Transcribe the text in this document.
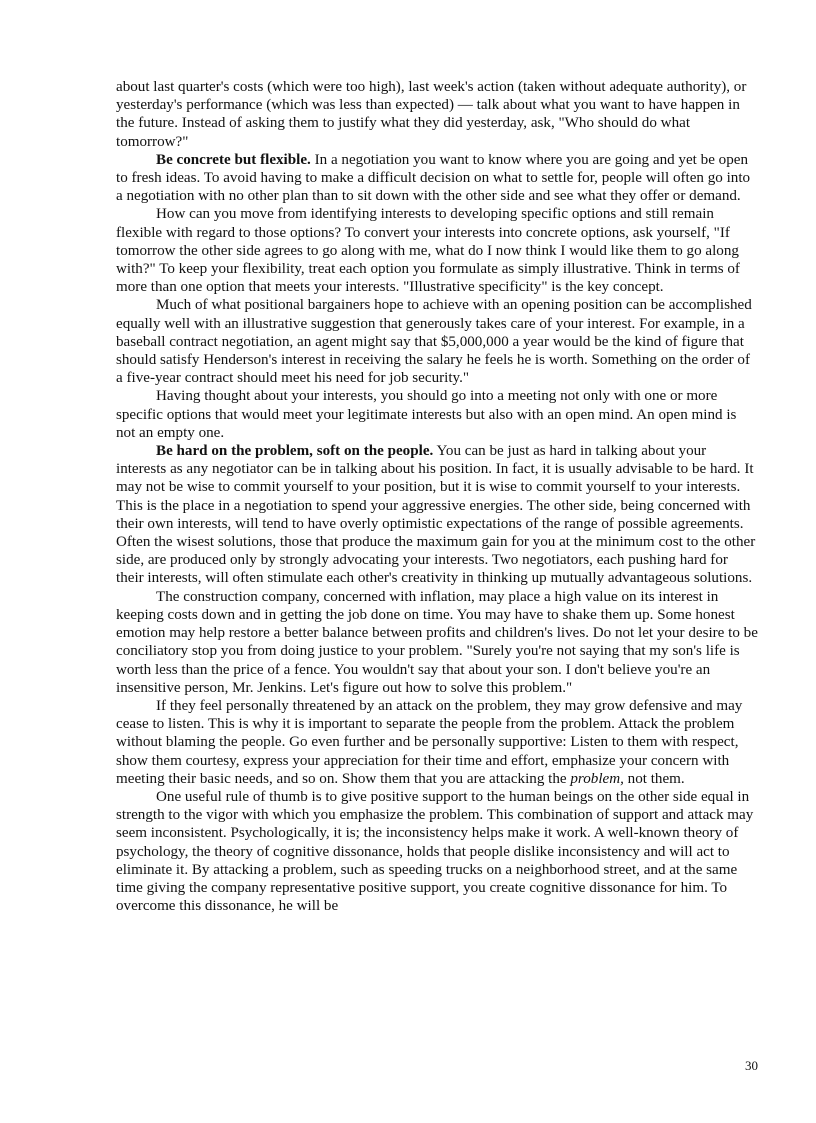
about last quarter's costs (which were too high), last week's action (taken without adequate authority), or yesterday's performance (which was less than expected) — talk about what you want to have happen in the future. Instead of asking them to justify what they did yesterday, ask, "Who should do what tomorrow?"

Be concrete but flexible. In a negotiation you want to know where you are going and yet be open to fresh ideas. To avoid having to make a difficult decision on what to settle for, people will often go into a negotiation with no other plan than to sit down with the other side and see what they offer or demand.

How can you move from identifying interests to developing specific options and still remain flexible with regard to those options? To convert your interests into concrete options, ask yourself, "If tomorrow the other side agrees to go along with me, what do I now think I would like them to go along with?" To keep your flexibility, treat each option you formulate as simply illustrative. Think in terms of more than one option that meets your interests. "Illustrative specificity" is the key concept.

Much of what positional bargainers hope to achieve with an opening position can be accomplished equally well with an illustrative suggestion that generously takes care of your interest. For example, in a baseball contract negotiation, an agent might say that $5,000,000 a year would be the kind of figure that should satisfy Henderson's interest in receiving the salary he feels he is worth. Something on the order of a five-year contract should meet his need for job security."

Having thought about your interests, you should go into a meeting not only with one or more specific options that would meet your legitimate interests but also with an open mind. An open mind is not an empty one.

Be hard on the problem, soft on the people. You can be just as hard in talking about your interests as any negotiator can be in talking about his position. In fact, it is usually advisable to be hard. It may not be wise to commit yourself to your position, but it is wise to commit yourself to your interests. This is the place in a negotiation to spend your aggressive energies. The other side, being concerned with their own interests, will tend to have overly optimistic expectations of the range of possible agreements. Often the wisest solutions, those that produce the maximum gain for you at the minimum cost to the other side, are produced only by strongly advocating your interests. Two negotiators, each pushing hard for their interests, will often stimulate each other's creativity in thinking up mutually advantageous solutions.

The construction company, concerned with inflation, may place a high value on its interest in keeping costs down and in getting the job done on time. You may have to shake them up. Some honest emotion may help restore a better balance between profits and children's lives. Do not let your desire to be conciliatory stop you from doing justice to your problem. "Surely you're not saying that my son's life is worth less than the price of a fence. You wouldn't say that about your son. I don't believe you're an insensitive person, Mr. Jenkins. Let's figure out how to solve this problem."

If they feel personally threatened by an attack on the problem, they may grow defensive and may cease to listen. This is why it is important to separate the people from the problem. Attack the problem without blaming the people. Go even further and be personally supportive: Listen to them with respect, show them courtesy, express your appreciation for their time and effort, emphasize your concern with meeting their basic needs, and so on. Show them that you are attacking the problem, not them.

One useful rule of thumb is to give positive support to the human beings on the other side equal in strength to the vigor with which you emphasize the problem. This combination of support and attack may seem inconsistent. Psychologically, it is; the inconsistency helps make it work. A well-known theory of psychology, the theory of cognitive dissonance, holds that people dislike inconsistency and will act to eliminate it. By attacking a problem, such as speeding trucks on a neighborhood street, and at the same time giving the company representative positive support, you create cognitive dissonance for him. To overcome this dissonance, he will be

30
